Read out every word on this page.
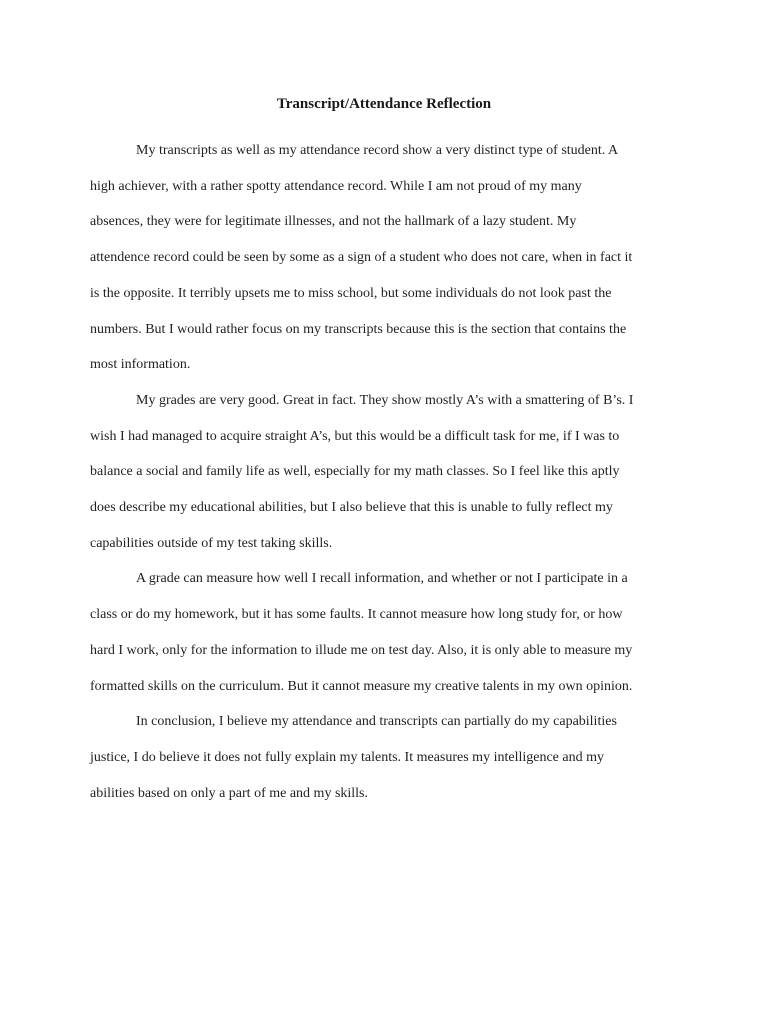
Transcript/Attendance Reflection

My transcripts as well as my attendance record show a very distinct type of student. A
high achiever, with a rather spotty attendance record. While I am not proud of my many
absences, they were for legitimate illnesses, and not the hallmark of a lazy student. My
attendence record could be seen by some as a sign of a student who does not care, when in fact it
is the opposite. It terribly upsets me to miss school, but some individuals do not look past the
numbers. But I would rather focus on my transcripts because this is the section that contains the
most information.

My grades are very good. Great in fact. They show mostly A’s with a smattering of B’s. I
wish I had managed to acquire straight A’s, but this would be a difficult task for me, if I was to
balance a social and family life as well, especially for my math classes. So I feel like this aptly
does describe my educational abilities, but I also believe that this is unable to fully reflect my
capabilities outside of my test taking skills.

A grade can measure how well I recall information, and whether or not I participate in a
class or do my homework, but it has some faults. It cannot measure how long study for, or how
hard I work, only for the information to illude me on test day. Also, it is only able to measure my
formatted skills on the curriculum. But it cannot measure my creative talents in my own opinion.

In conclusion, I believe my attendance and transcripts can partially do my capabilities
justice, I do believe it does not fully explain my talents. It measures my intelligence and my
abilities based on only a part of me and my skills.
